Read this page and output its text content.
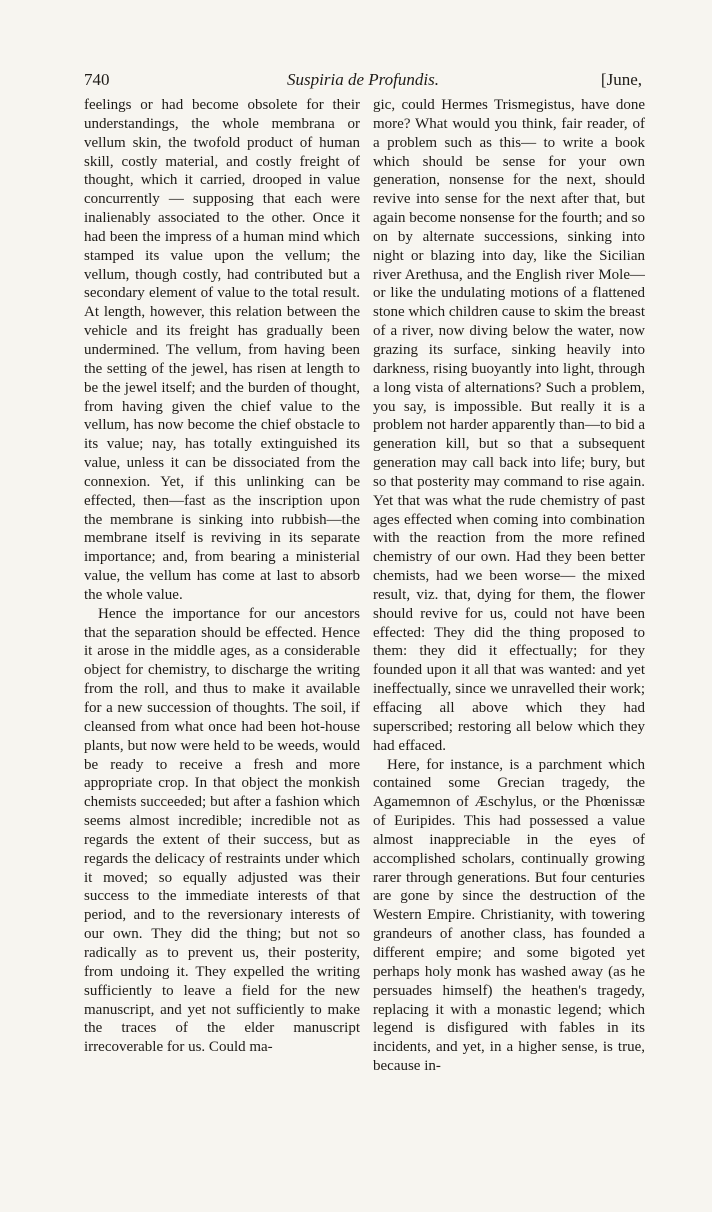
740	Suspiria de Profundis.	[June,

feelings or had become obsolete for their understandings, the whole membrana or vellum skin, the twofold product of human skill, costly material, and costly freight of thought, which it carried, drooped in value concurrently — supposing that each were inalienably associated to the other. Once it had been the impress of a human mind which stamped its value upon the vellum; the vellum, though costly, had contributed but a secondary element of value to the total result. At length, however, this relation between the vehicle and its freight has gradually been undermined. The vellum, from having been the setting of the jewel, has risen at length to be the jewel itself; and the burden of thought, from having given the chief value to the vellum, has now become the chief obstacle to its value; nay, has totally extinguished its value, unless it can be dissociated from the connexion. Yet, if this unlinking can be effected, then—fast as the inscription upon the membrane is sinking into rubbish—the membrane itself is reviving in its separate importance; and, from bearing a ministerial value, the vellum has come at last to absorb the whole value.

Hence the importance for our ancestors that the separation should be effected. Hence it arose in the middle ages, as a considerable object for chemistry, to discharge the writing from the roll, and thus to make it available for a new succession of thoughts. The soil, if cleansed from what once had been hot-house plants, but now were held to be weeds, would be ready to receive a fresh and more appropriate crop. In that object the monkish chemists succeeded; but after a fashion which seems almost incredible; incredible not as regards the extent of their success, but as regards the delicacy of restraints under which it moved; so equally adjusted was their success to the immediate interests of that period, and to the reversionary interests of our own. They did the thing; but not so radically as to prevent us, their posterity, from undoing it. They expelled the writing sufficiently to leave a field for the new manuscript, and yet not sufficiently to make the traces of the elder manuscript irrecoverable for us. Could ma-

gic, could Hermes Trismegistus, have done more? What would you think, fair reader, of a problem such as this— to write a book which should be sense for your own generation, nonsense for the next, should revive into sense for the next after that, but again become nonsense for the fourth; and so on by alternate successions, sinking into night or blazing into day, like the Sicilian river Arethusa, and the English river Mole—or like the undulating motions of a flattened stone which children cause to skim the breast of a river, now diving below the water, now grazing its surface, sinking heavily into darkness, rising buoyantly into light, through a long vista of alternations? Such a problem, you say, is impossible. But really it is a problem not harder apparently than—to bid a generation kill, but so that a subsequent generation may call back into life; bury, but so that posterity may command to rise again. Yet that was what the rude chemistry of past ages effected when coming into combination with the reaction from the more refined chemistry of our own. Had they been better chemists, had we been worse— the mixed result, viz. that, dying for them, the flower should revive for us, could not have been effected: They did the thing proposed to them: they did it effectually; for they founded upon it all that was wanted: and yet ineffectually, since we unravelled their work; effacing all above which they had superscribed; restoring all below which they had effaced.

Here, for instance, is a parchment which contained some Grecian tragedy, the Agamemnon of Æschylus, or the Phœnissæ of Euripides. This had possessed a value almost inappreciable in the eyes of accomplished scholars, continually growing rarer through generations. But four centuries are gone by since the destruction of the Western Empire. Christianity, with towering grandeurs of another class, has founded a different empire; and some bigoted yet perhaps holy monk has washed away (as he persuades himself) the heathen's tragedy, replacing it with a monastic legend; which legend is disfigured with fables in its incidents, and yet, in a higher sense, is true, because in-
